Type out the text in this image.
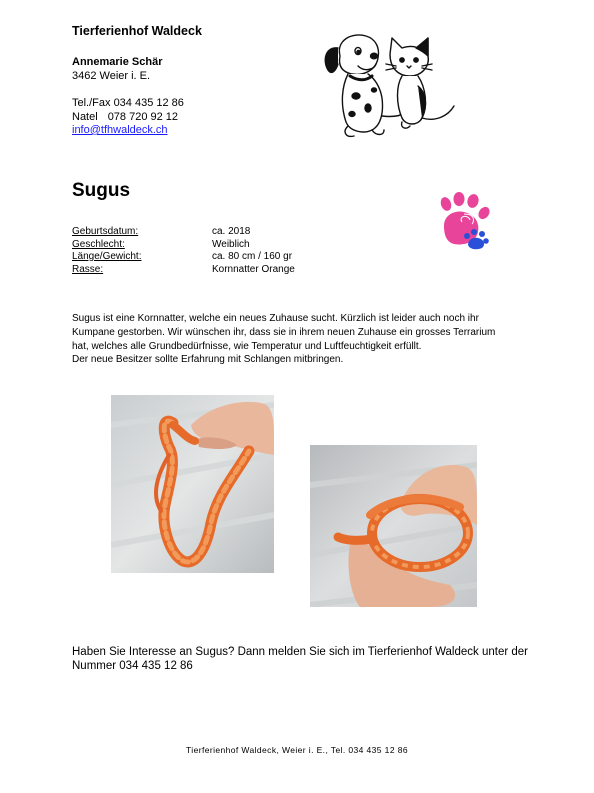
Tierferienhof Waldeck
Annemarie Schär
3462 Weier i. E.
Tel./Fax 034 435 12 86
Natel 078 720 92 12
info@tfhwaldeck.ch
Sugus
Geburtsdatum:	ca. 2018
Geschlecht:	Weiblich
Länge/Gewicht:	ca. 80 cm / 160 gr
Rasse:	Kornnatter Orange
Sugus ist eine Kornnatter, welche ein neues Zuhause sucht. Kürzlich ist leider auch noch ihr
Kumpane gestorben. Wir wünschen ihr, dass sie in ihrem neuen Zuhause ein grosses Terrarium
hat, welches alle Grundbedürfnisse, wie Temperatur und Luftfeuchtigkeit erfüllt.
Der neue Besitzer sollte Erfahrung mit Schlangen mitbringen.
Haben Sie Interesse an Sugus? Dann melden Sie sich im Tierferienhof Waldeck unter der
Nummer 034 435 12 86
Tierferienhof Waldeck, Weier i. E., Tel. 034 435 12 86
